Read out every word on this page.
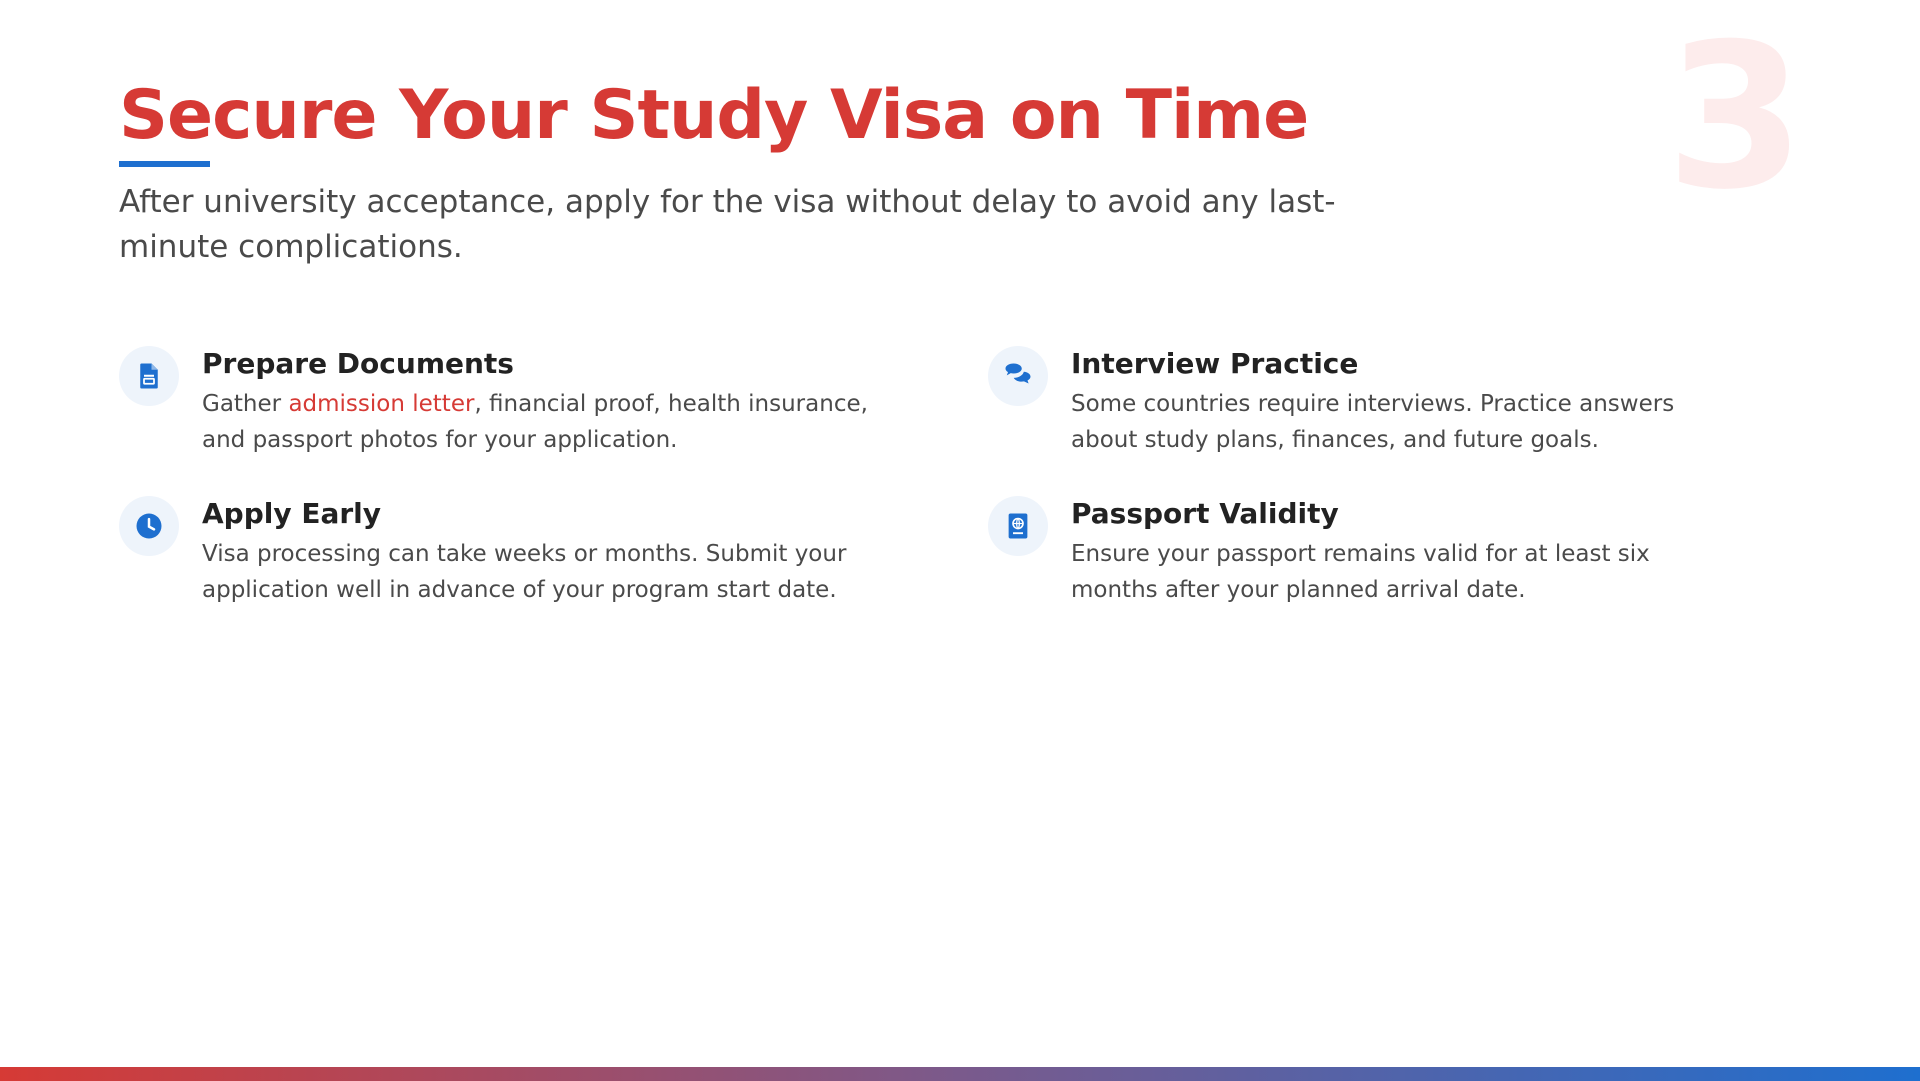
3
Secure Your Study Visa on Time

After university acceptance, apply for the visa without delay to avoid any last-minute complications.

Prepare Documents

Gather admission letter, financial proof, health insurance, and passport photos for your application.

Interview Practice

Some countries require interviews. Practice answers about study plans, finances, and future goals.

Apply Early

Visa processing can take weeks or months. Submit your application well in advance of your program start date.

Passport Validity

Ensure your passport remains valid for at least six months after your planned arrival date.
